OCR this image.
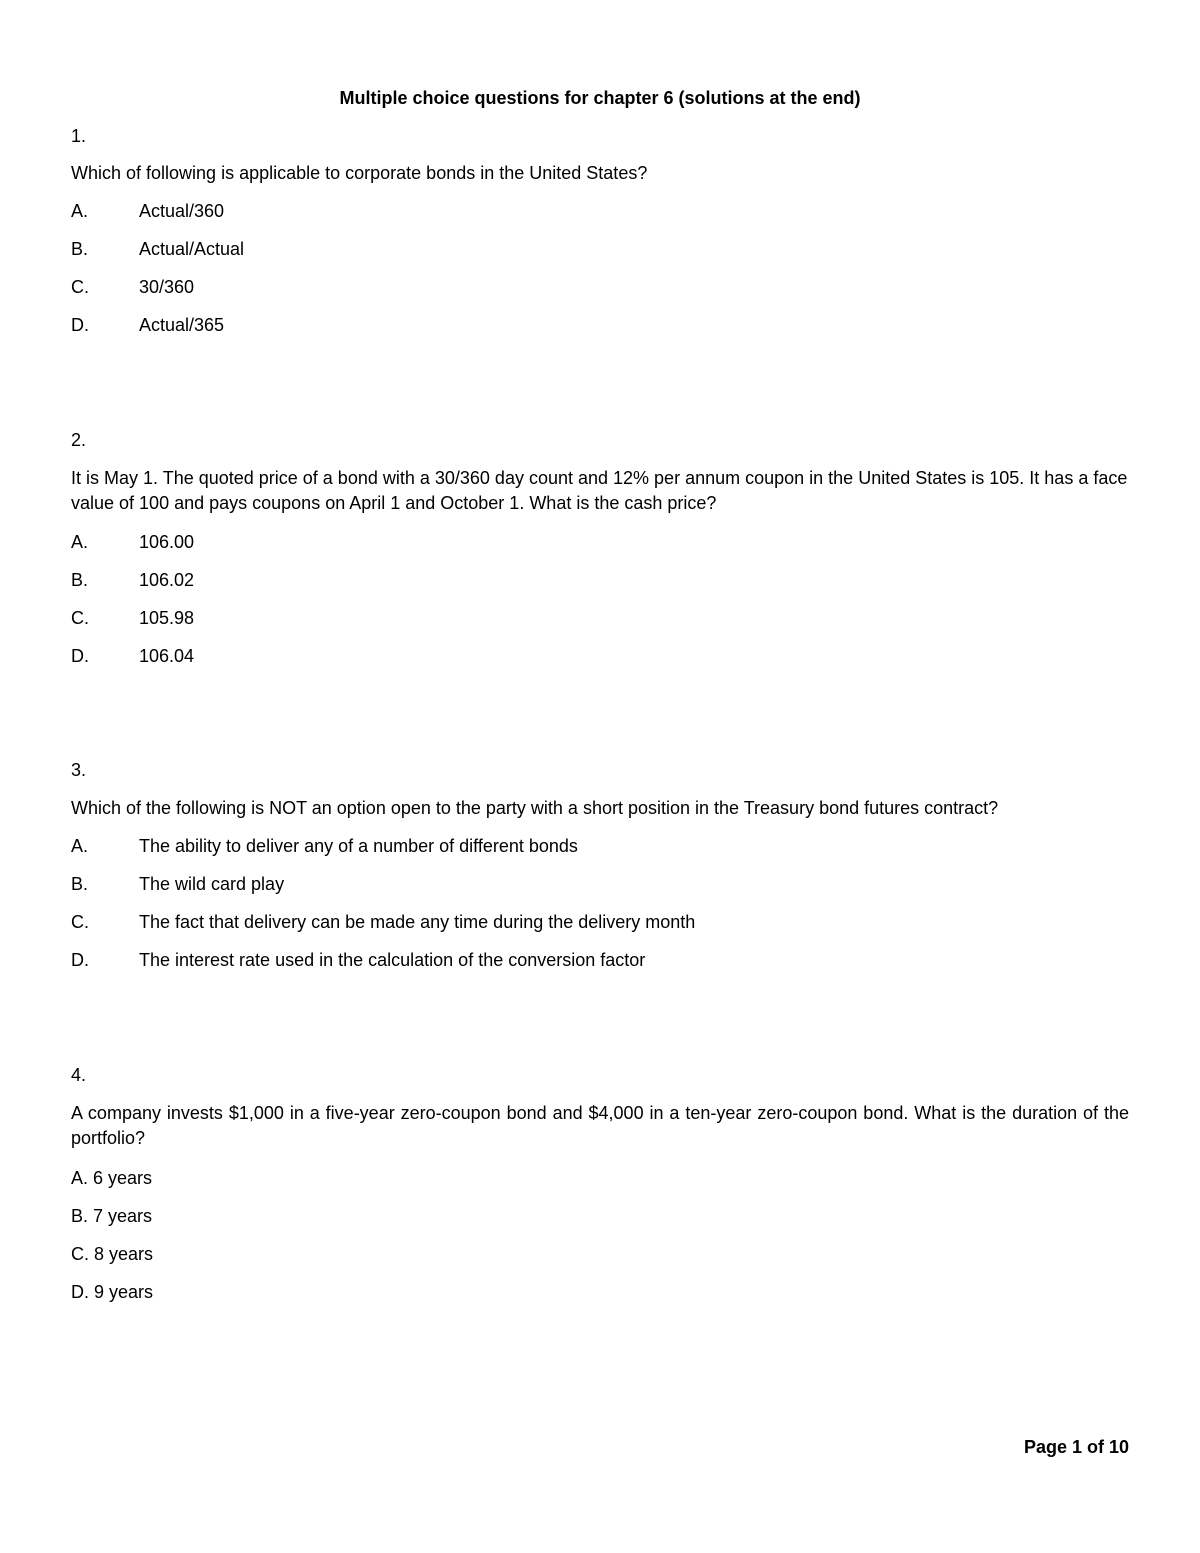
Multiple choice questions for chapter 6 (solutions at the end)
1.
Which of following is applicable to corporate bonds in the United States?
A.	Actual/360
B.	Actual/Actual
C.	30/360
D.	Actual/365
2.
It is May 1. The quoted price of a bond with a 30/360 day count and 12% per annum coupon in the United States is 105. It has a face value of 100 and pays coupons on April 1 and October 1. What is the cash price?
A.	106.00
B.	106.02
C.	105.98
D.	106.04
3.
Which of the following is NOT an option open to the party with a short position in the Treasury bond futures contract?
A.	The ability to deliver any of a number of different bonds
B.	The wild card play
C.	The fact that delivery can be made any time during the delivery month
D.	The interest rate used in the calculation of the conversion factor
4.
A company invests $1,000 in a five-year zero-coupon bond and $4,000 in a ten-year zero-coupon bond. What is the duration of the portfolio?
A. 6 years
B. 7 years
C. 8 years
D. 9 years
Page 1 of 10
